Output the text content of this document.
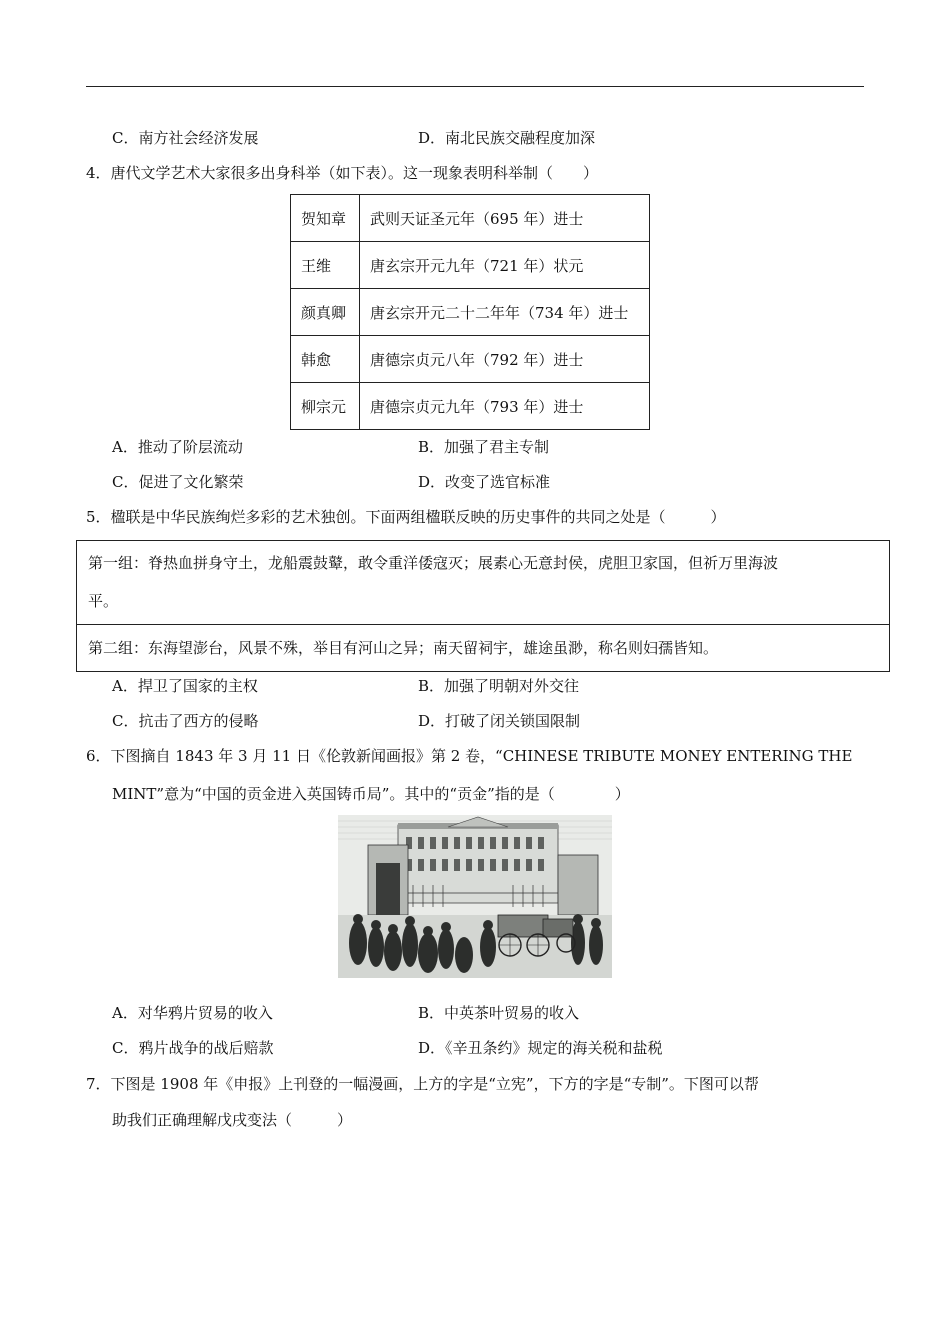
C．南方社会经济发展	D．南北民族交融程度加深
4．唐代文学艺术大家很多出身科举（如下表）。这一现象表明科举制（　　）
贺知章	武则天证圣元年（695 年）进士
王维	唐玄宗开元九年（721 年）状元
颜真卿	唐玄宗开元二十二年年（734 年）进士
韩愈	唐德宗贞元八年（792 年）进士
柳宗元	唐德宗贞元九年（793 年）进士
A．推动了阶层流动	B．加强了君主专制
C．促进了文化繁荣	D．改变了选官标准
5．楹联是中华民族绚烂多彩的艺术独创。下面两组楹联反映的历史事件的共同之处是（　　　）
第一组：脊热血拼身守土，龙船震鼓鼙，敢令重洋倭寇灭；展素心无意封侯，虎胆卫家国，但祈万里海波
平。
第二组：东海望澎台，风景不殊，举目有河山之异；南天留祠宇，雄途虽渺，称名则妇孺皆知。
A．捍卫了国家的主权	B．加强了明朝对外交往
C．抗击了西方的侵略	D．打破了闭关锁国限制
6．下图摘自 1843 年 3 月 11 日《伦敦新闻画报》第 2 卷，“CHINESE TRIBUTE MONEY ENTERING THE
MINT”意为“中国的贡金进入英国铸币局”。其中的“贡金”指的是（　　　　）
A．对华鸦片贸易的收入	B．中英茶叶贸易的收入
C．鸦片战争的战后赔款	D．《辛丑条约》规定的海关税和盐税
7．下图是 1908 年《申报》上刊登的一幅漫画，上方的字是“立宪”，下方的字是“专制”。下图可以帮
助我们正确理解戊戌变法（　　　）
